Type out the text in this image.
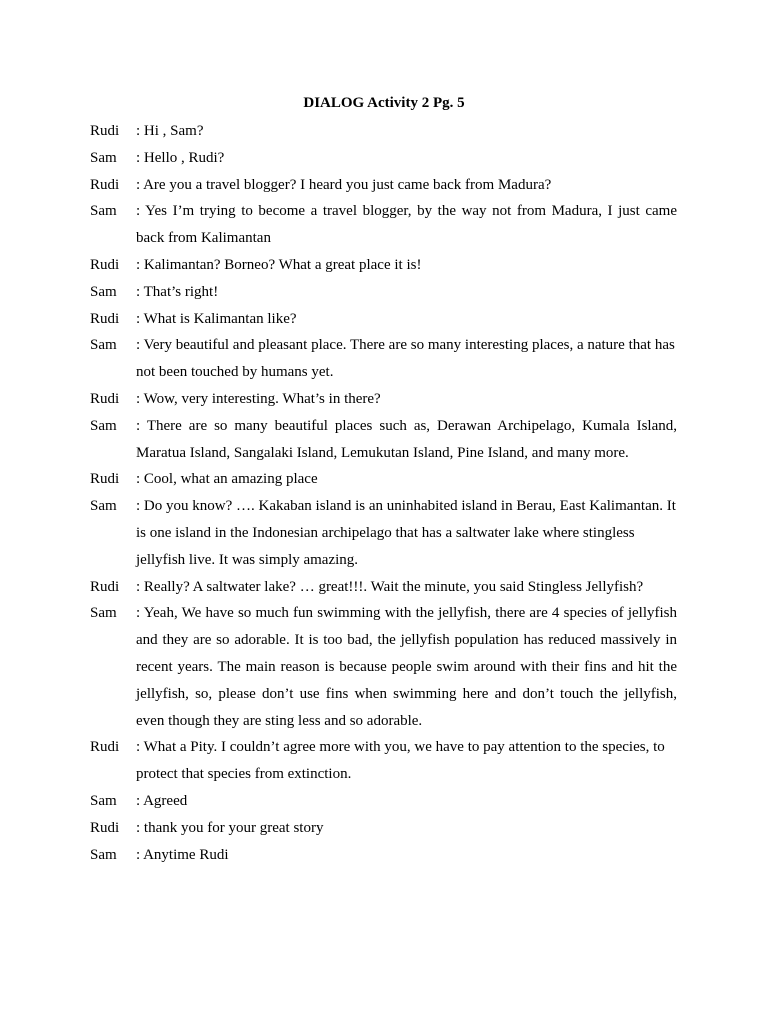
DIALOG Activity 2 Pg. 5
Rudi	: Hi , Sam?
Sam	: Hello , Rudi?
Rudi	: Are you a travel blogger? I heard you just came back from Madura?
Sam	: Yes I’m trying to become a travel blogger, by the way not from Madura, I just came back from Kalimantan
Rudi	: Kalimantan? Borneo? What a great place it is!
Sam	: That’s right!
Rudi	: What is Kalimantan like?
Sam	: Very beautiful and pleasant place. There are so many interesting places, a nature that has not been touched by humans yet.
Rudi	: Wow, very interesting. What’s in there?
Sam	: There are so many beautiful places such as, Derawan Archipelago, Kumala Island, Maratua Island, Sangalaki Island, Lemukutan Island, Pine Island, and many more.
Rudi	: Cool, what an amazing place
Sam	: Do you know? …. Kakaban island is an uninhabited island in Berau, East Kalimantan. It is one island in the Indonesian archipelago that has a saltwater lake where stingless jellyfish live. It was simply amazing.
Rudi	: Really? A saltwater lake? … great!!!. Wait the minute, you said Stingless Jellyfish?
Sam	: Yeah, We have so much fun swimming with the jellyfish, there are 4 species of jellyfish and they are so adorable. It is too bad, the jellyfish population has reduced massively in recent years. The main reason is because people swim around with their fins and hit the jellyfish, so, please don’t use fins when swimming here and don’t touch the jellyfish, even though they are sting less and so adorable.
Rudi	: What a Pity. I couldn’t agree more with you, we have to pay attention to the species, to protect that species from extinction.
Sam	: Agreed
Rudi	: thank you for your great story
Sam	: Anytime Rudi
